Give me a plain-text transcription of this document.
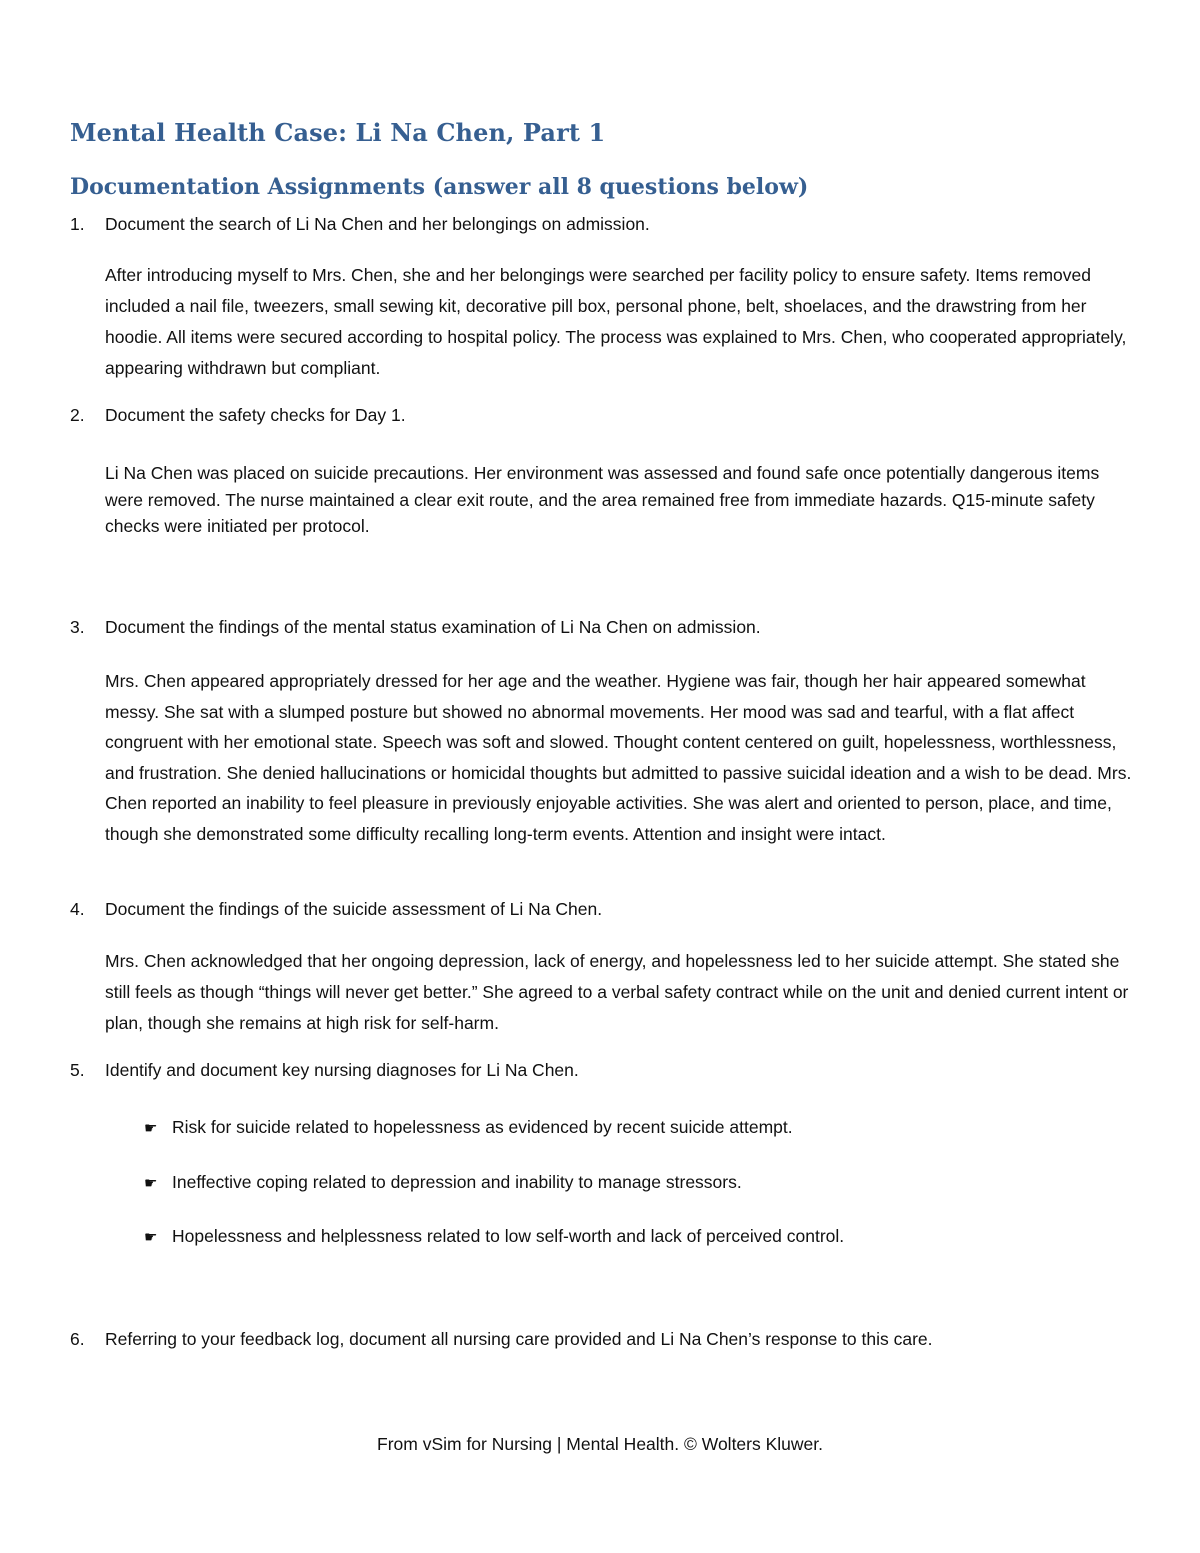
Mental Health Case: Li Na Chen, Part 1
Documentation Assignments (answer all 8 questions below)
1. Document the search of Li Na Chen and her belongings on admission.

After introducing myself to Mrs. Chen, she and her belongings were searched per facility policy to ensure safety. Items removed included a nail file, tweezers, small sewing kit, decorative pill box, personal phone, belt, shoelaces, and the drawstring from her hoodie. All items were secured according to hospital policy. The process was explained to Mrs. Chen, who cooperated appropriately, appearing withdrawn but compliant.

2. Document the safety checks for Day 1.

Li Na Chen was placed on suicide precautions. Her environment was assessed and found safe once potentially dangerous items were removed. The nurse maintained a clear exit route, and the area remained free from immediate hazards. Q15-minute safety checks were initiated per protocol.

3. Document the findings of the mental status examination of Li Na Chen on admission.

Mrs. Chen appeared appropriately dressed for her age and the weather. Hygiene was fair, though her hair appeared somewhat messy. She sat with a slumped posture but showed no abnormal movements. Her mood was sad and tearful, with a flat affect congruent with her emotional state. Speech was soft and slowed. Thought content centered on guilt, hopelessness, worthlessness, and frustration. She denied hallucinations or homicidal thoughts but admitted to passive suicidal ideation and a wish to be dead. Mrs. Chen reported an inability to feel pleasure in previously enjoyable activities. She was alert and oriented to person, place, and time, though she demonstrated some difficulty recalling long-term events. Attention and insight were intact.

4. Document the findings of the suicide assessment of Li Na Chen.

Mrs. Chen acknowledged that her ongoing depression, lack of energy, and hopelessness led to her suicide attempt. She stated she still feels as though “things will never get better.” She agreed to a verbal safety contract while on the unit and denied current intent or plan, though she remains at high risk for self-harm.

5. Identify and document key nursing diagnoses for Li Na Chen.
☛ Risk for suicide related to hopelessness as evidenced by recent suicide attempt.
☛ Ineffective coping related to depression and inability to manage stressors.
☛ Hopelessness and helplessness related to low self-worth and lack of perceived control.
6. Referring to your feedback log, document all nursing care provided and Li Na Chen’s response to this care.
From vSim for Nursing | Mental Health. © Wolters Kluwer.
